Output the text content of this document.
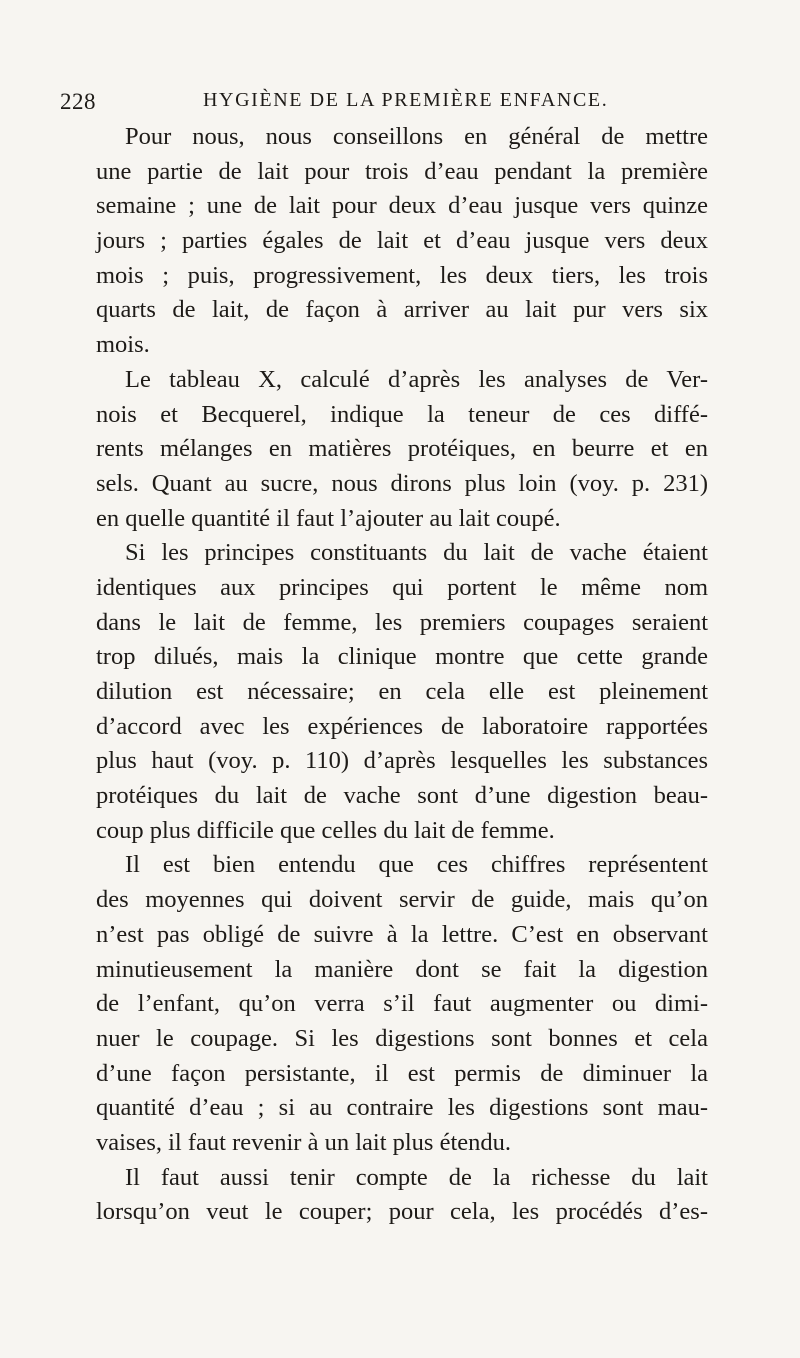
228	HYGIÈNE DE LA PREMIÈRE ENFANCE.
Pour nous, nous conseillons en général de mettre
une partie de lait pour trois d’eau pendant la première
semaine ; une de lait pour deux d’eau jusque vers quinze
jours ; parties égales de lait et d’eau jusque vers deux
mois ; puis, progressivement, les deux tiers, les trois
quarts de lait, de façon à arriver au lait pur vers six
mois.
Le tableau X, calculé d’après les analyses de Ver-
nois et Becquerel, indique la teneur de ces diffé-
rents mélanges en matières protéiques, en beurre et en
sels. Quant au sucre, nous dirons plus loin (voy. p. 231)
en quelle quantité il faut l’ajouter au lait coupé.
Si les principes constituants du lait de vache étaient
identiques aux principes qui portent le même nom
dans le lait de femme, les premiers coupages seraient
trop dilués, mais la clinique montre que cette grande
dilution est nécessaire; en cela elle est pleinement
d’accord avec les expériences de laboratoire rapportées
plus haut (voy. p. 110) d’après lesquelles les substances
protéiques du lait de vache sont d’une digestion beau-
coup plus difficile que celles du lait de femme.
Il est bien entendu que ces chiffres représentent
des moyennes qui doivent servir de guide, mais qu’on
n’est pas obligé de suivre à la lettre. C’est en observant
minutieusement la manière dont se fait la digestion
de l’enfant, qu’on verra s’il faut augmenter ou dimi-
nuer le coupage. Si les digestions sont bonnes et cela
d’une façon persistante, il est permis de diminuer la
quantité d’eau ; si au contraire les digestions sont mau-
vaises, il faut revenir à un lait plus étendu.
Il faut aussi tenir compte de la richesse du lait
lorsqu’on veut le couper; pour cela, les procédés d’es-
